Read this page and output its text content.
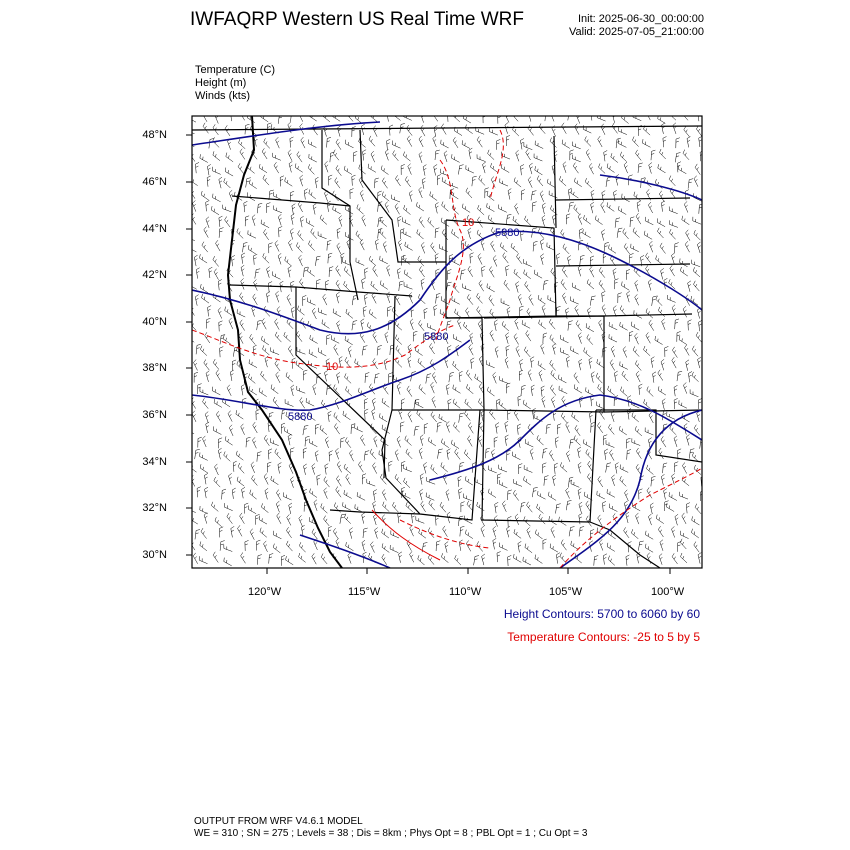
IWFAQRP Western US Real Time WRF	Init: 2025-06-30_00:00:00
Valid: 2025-07-05_21:00:00
Temperature (C)
Height (m)
Winds (kts)
5880
5880
5880
10
10
48°N
46°N
44°N
42°N
40°N
38°N
36°N
34°N
32°N
30°N
120°W	115°W	110°W	105°W	100°W
Height Contours: 5700 to 6060 by 60
Temperature Contours: -25 to 5 by 5
OUTPUT FROM WRF V4.6.1 MODEL
WE = 310 ; SN = 275 ; Levels = 38 ; Dis = 8km ; Phys Opt = 8 ; PBL Opt = 1 ; Cu Opt = 3
